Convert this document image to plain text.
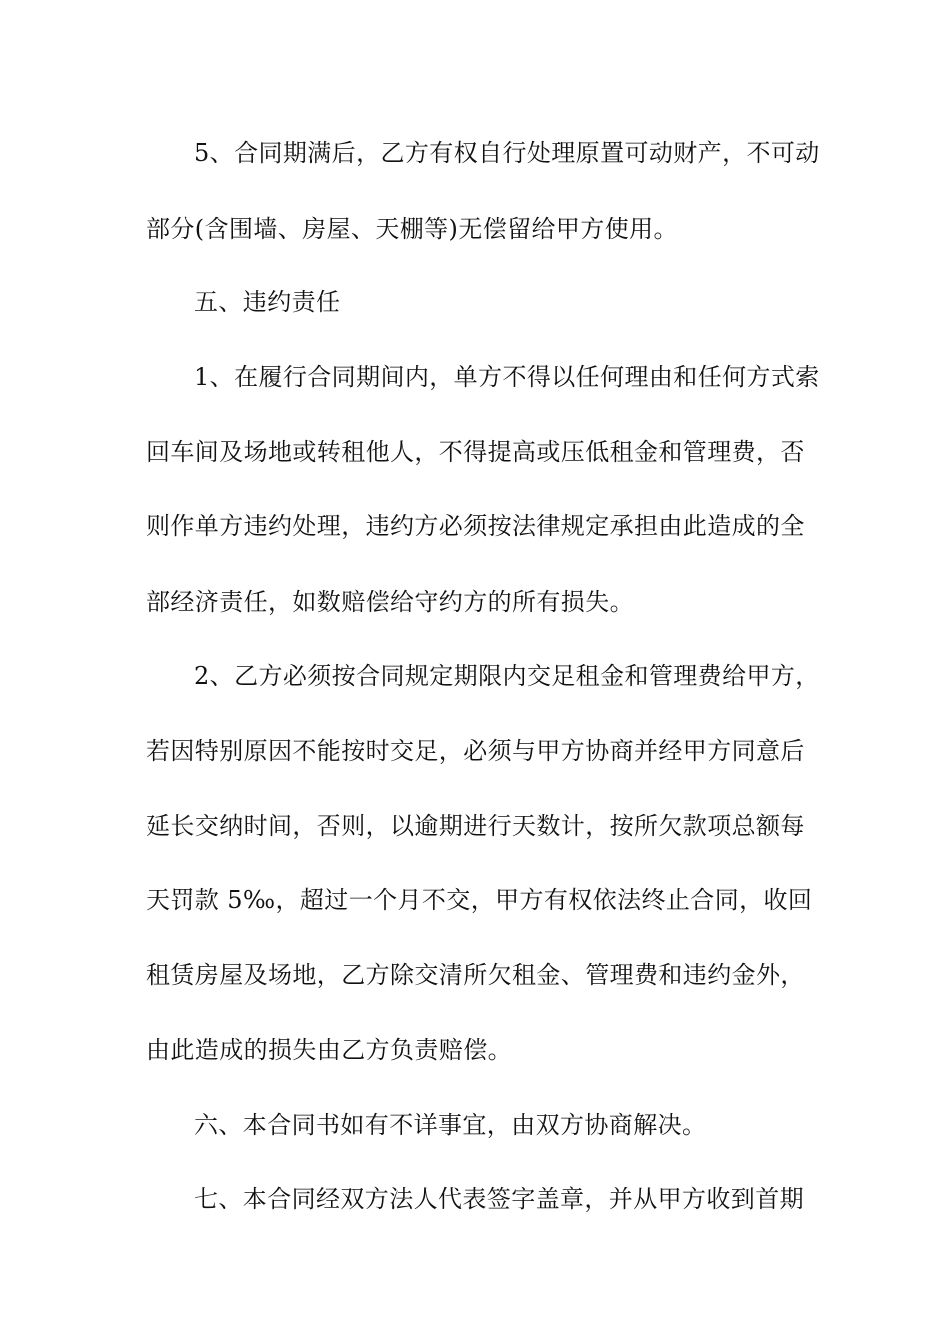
5、合同期满后，乙方有权自行处理原置可动财产，不可动
部分(含围墙、房屋、天棚等)无偿留给甲方使用。
五、违约责任
1、在履行合同期间内，单方不得以任何理由和任何方式索
回车间及场地或转租他人，不得提高或压低租金和管理费，否
则作单方违约处理，违约方必须按法律规定承担由此造成的全
部经济责任，如数赔偿给守约方的所有损失。
2、乙方必须按合同规定期限内交足租金和管理费给甲方，
若因特别原因不能按时交足，必须与甲方协商并经甲方同意后
延长交纳时间，否则，以逾期进行天数计，按所欠款项总额每
天罚款 5‰，超过一个月不交，甲方有权依法终止合同，收回
租赁房屋及场地，乙方除交清所欠租金、管理费和违约金外，
由此造成的损失由乙方负责赔偿。
六、本合同书如有不详事宜，由双方协商解决。
七、本合同经双方法人代表签字盖章，并从甲方收到首期
